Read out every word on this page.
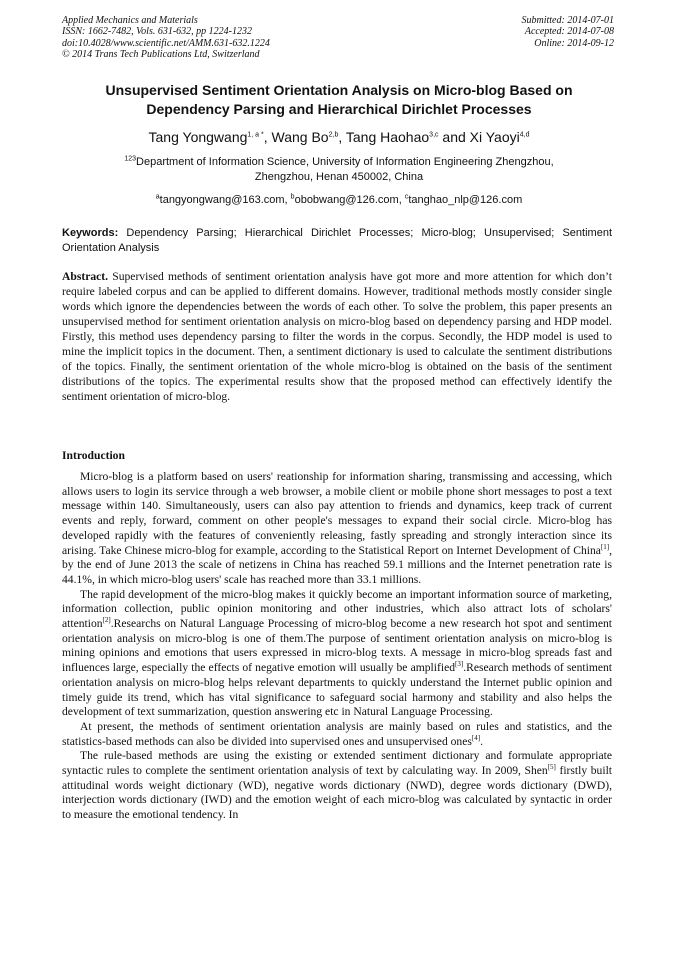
Applied Mechanics and Materials
ISSN: 1662-7482, Vols. 631-632, pp 1224-1232
doi:10.4028/www.scientific.net/AMM.631-632.1224
© 2014 Trans Tech Publications Ltd, Switzerland
Submitted: 2014-07-01
Accepted: 2014-07-08
Online: 2014-09-12
Unsupervised Sentiment Orientation Analysis on Micro-blog Based on
Dependency Parsing and Hierarchical Dirichlet Processes
Tang Yongwang$^{1, a *}$, Wang Bo$^{2,b}$, Tang Haohao$^{3,c}$ and Xi Yaoyi$^{4,d}$
$^{123}$Department of Information Science, University of Information Engineering Zhengzhou,
Zhengzhou, Henan 450002, China
$^a$tangyongwang@163.com, $^b$obobwang@126.com, $^c$tanghao_nlp@126.com
Keywords: Dependency Parsing; Hierarchical Dirichlet Processes; Micro-blog; Unsupervised; Sentiment Orientation Analysis
Abstract. Supervised methods of sentiment orientation analysis have got more and more attention for which don’t require labeled corpus and can be applied to different domains. However, traditional methods mostly consider single words which ignore the dependencies between the words of each other. To solve the problem, this paper presents an unsupervised method for sentiment orientation analysis on micro-blog based on dependency parsing and HDP model. Firstly, this method uses dependency parsing to filter the words in the corpus. Secondly, the HDP model is used to mine the implicit topics in the document. Then, a sentiment dictionary is used to calculate the sentiment distributions of the topics. Finally, the sentiment orientation of the whole micro-blog is obtained on the basis of the sentiment distributions of the topics. The experimental results show that the proposed method can effectively identify the sentiment orientation of micro-blog.
Introduction

Micro-blog is a platform based on users' reationship for information sharing, transmissing and accessing, which allows users to login its service through a web browser, a mobile client or mobile phone short messages to post a text message within 140. Simultaneously, users can also pay attention to friends and dynamics, keep track of current events and reply, forward, comment on other people's messages to expand their social circle. Micro-blog has developed rapidly with the features of conveniently releasing, fastly spreading and strongly interaction since its arising. Take Chinese micro-blog for example, according to the Statistical Report on Internet Development of China[1], by the end of June 2013 the scale of netizens in China has reached 59.1 millions and the Internet penetration rate is 44.1%, in which micro-blog users' scale has reached more than 33.1 millions.

The rapid development of the micro-blog makes it quickly become an important information source of marketing, information collection, public opinion monitoring and other industries, which also attract lots of scholars' attention[2].Researchs on Natural Language Processing of micro-blog become a new research hot spot and sentiment orientation analysis on micro-blog is one of them.The purpose of sentiment orientation analysis on micro-blog is mining opinions and emotions that users expressed in micro-blog texts. A message in micro-blog spreads fast and influences large, especially the effects of negative emotion will usually be amplified[3].Research methods of sentiment orientation analysis on micro-blog helps relevant departments to quickly understand the Internet public opinion and timely guide its trend, which has vital significance to safeguard social harmony and stability and also helps the development of text summarization, question answering etc in Natural Language Processing.

At present, the methods of sentiment orientation analysis are mainly based on rules and statistics, and the statistics-based methods can also be divided into supervised ones and unsupervised ones[4].

The rule-based methods are using the existing or extended sentiment dictionary and formulate appropriate syntactic rules to complete the sentiment orientation analysis of text by calculating way. In 2009, Shen[5] firstly built attitudinal words weight dictionary (WD), negative words dictionary (NWD), degree words dictionary (DWD), interjection words dictionary (IWD) and the emotion weight of each micro-blog was calculated by syntactic in order to measure the emotional tendency. In
